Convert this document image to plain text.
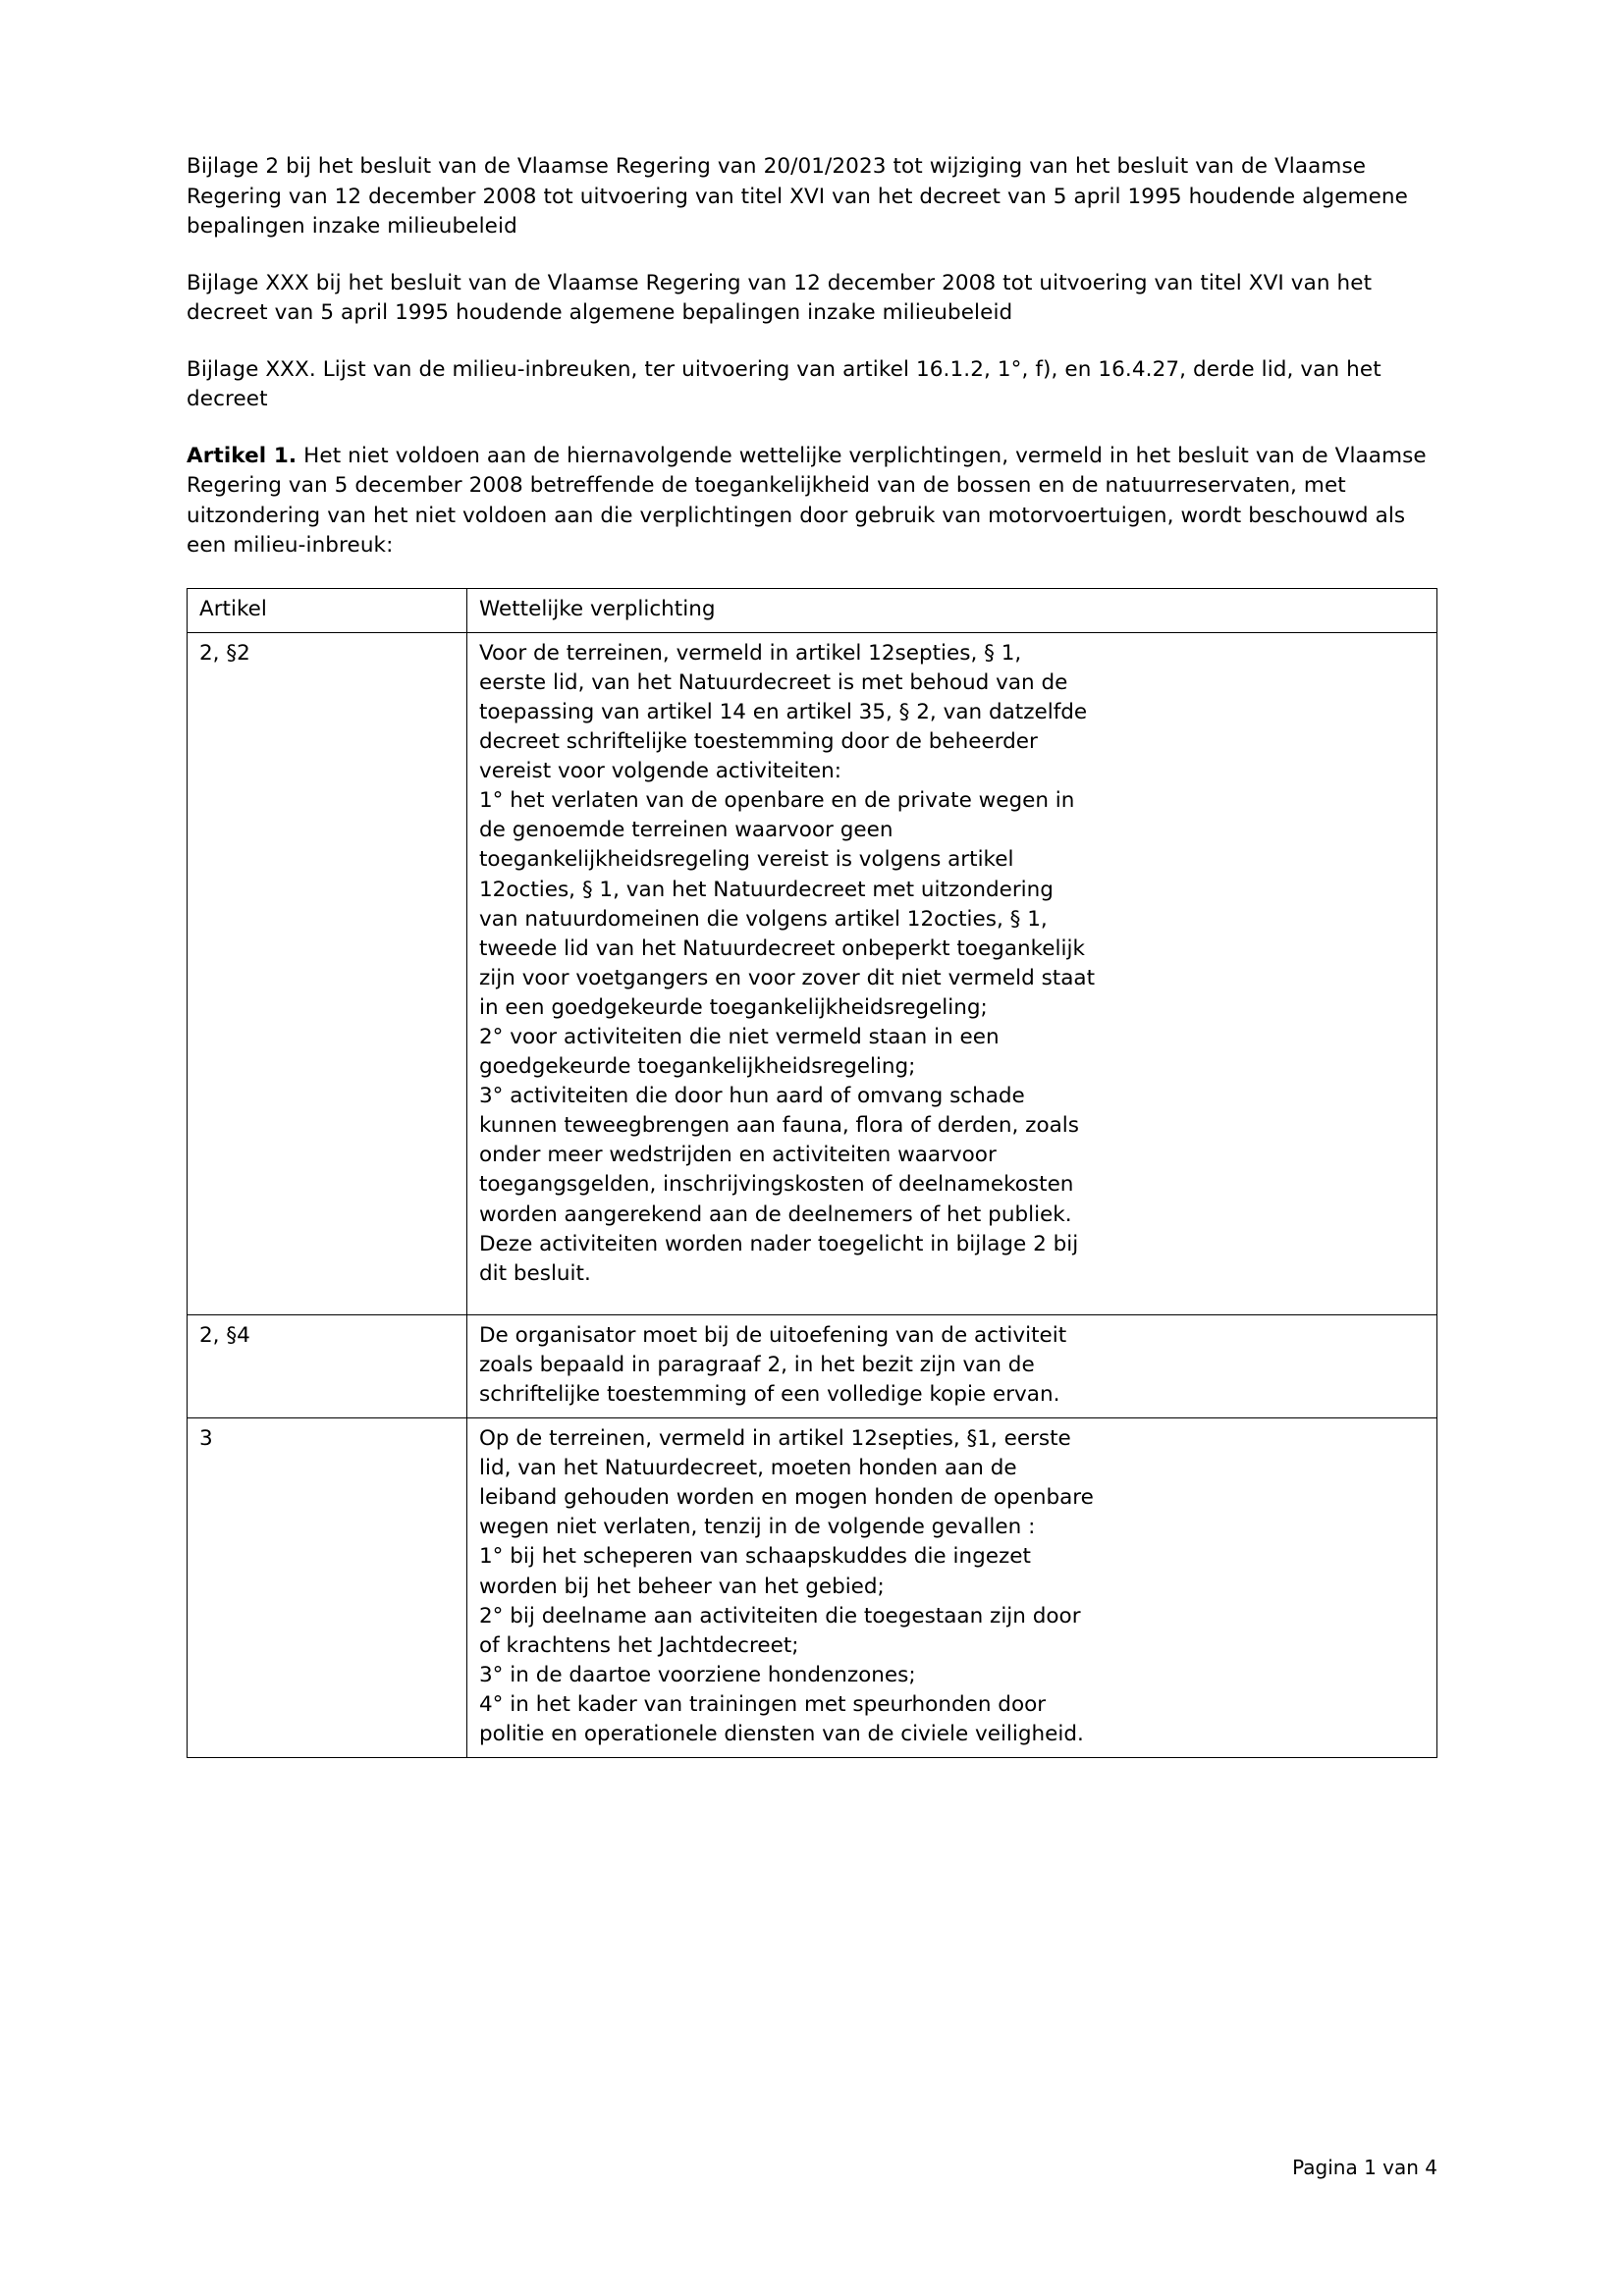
Bijlage 2 bij het besluit van de Vlaamse Regering van 20/01/2023 tot wijziging van het besluit van de Vlaamse Regering van 12 december 2008 tot uitvoering van titel XVI van het decreet van 5 april 1995 houdende algemene bepalingen inzake milieubeleid

Bijlage XXX bij het besluit van de Vlaamse Regering van 12 december 2008 tot uitvoering van titel XVI van het decreet van 5 april 1995 houdende algemene bepalingen inzake milieubeleid

Bijlage XXX. Lijst van de milieu-inbreuken, ter uitvoering van artikel 16.1.2, 1°, f), en 16.4.27, derde lid, van het decreet

Artikel 1. Het niet voldoen aan de hiernavolgende wettelijke verplichtingen, vermeld in het besluit van de Vlaamse Regering van 5 december 2008 betreffende de toegankelijkheid van de bossen en de natuurreservaten, met uitzondering van het niet voldoen aan die verplichtingen door gebruik van motorvoertuigen, wordt beschouwd als een milieu-inbreuk:

Artikel	Wettelijke verplichting
2, §2	Voor de terreinen, vermeld in artikel 12septies, § 1,
eerste lid, van het Natuurdecreet is met behoud van de
toepassing van artikel 14 en artikel 35, § 2, van datzelfde
decreet schriftelijke toestemming door de beheerder
vereist voor volgende activiteiten:
1° het verlaten van de openbare en de private wegen in
de genoemde terreinen waarvoor geen
toegankelijkheidsregeling vereist is volgens artikel
12octies, § 1, van het Natuurdecreet met uitzondering
van natuurdomeinen die volgens artikel 12octies, § 1,
tweede lid van het Natuurdecreet onbeperkt toegankelijk
zijn voor voetgangers en voor zover dit niet vermeld staat
in een goedgekeurde toegankelijkheidsregeling;
2° voor activiteiten die niet vermeld staan in een
goedgekeurde toegankelijkheidsregeling;
3° activiteiten die door hun aard of omvang schade
kunnen teweegbrengen aan fauna, flora of derden, zoals
onder meer wedstrijden en activiteiten waarvoor
toegangsgelden, inschrijvingskosten of deelnamekosten
worden aangerekend aan de deelnemers of het publiek.
Deze activiteiten worden nader toegelicht in bijlage 2 bij
dit besluit.

2, §4	De organisator moet bij de uitoefening van de activiteit
zoals bepaald in paragraaf 2, in het bezit zijn van de
schriftelijke toestemming of een volledige kopie ervan.

3	Op de terreinen, vermeld in artikel 12septies, §1, eerste
lid, van het Natuurdecreet, moeten honden aan de
leiband gehouden worden en mogen honden de openbare
wegen niet verlaten, tenzij in de volgende gevallen :
1° bij het scheperen van schaapskuddes die ingezet
worden bij het beheer van het gebied;
2° bij deelname aan activiteiten die toegestaan zijn door
of krachtens het Jachtdecreet;
3° in de daartoe voorziene hondenzones;
4° in het kader van trainingen met speurhonden door
politie en operationele diensten van de civiele veiligheid.
Pagina 1 van 4
